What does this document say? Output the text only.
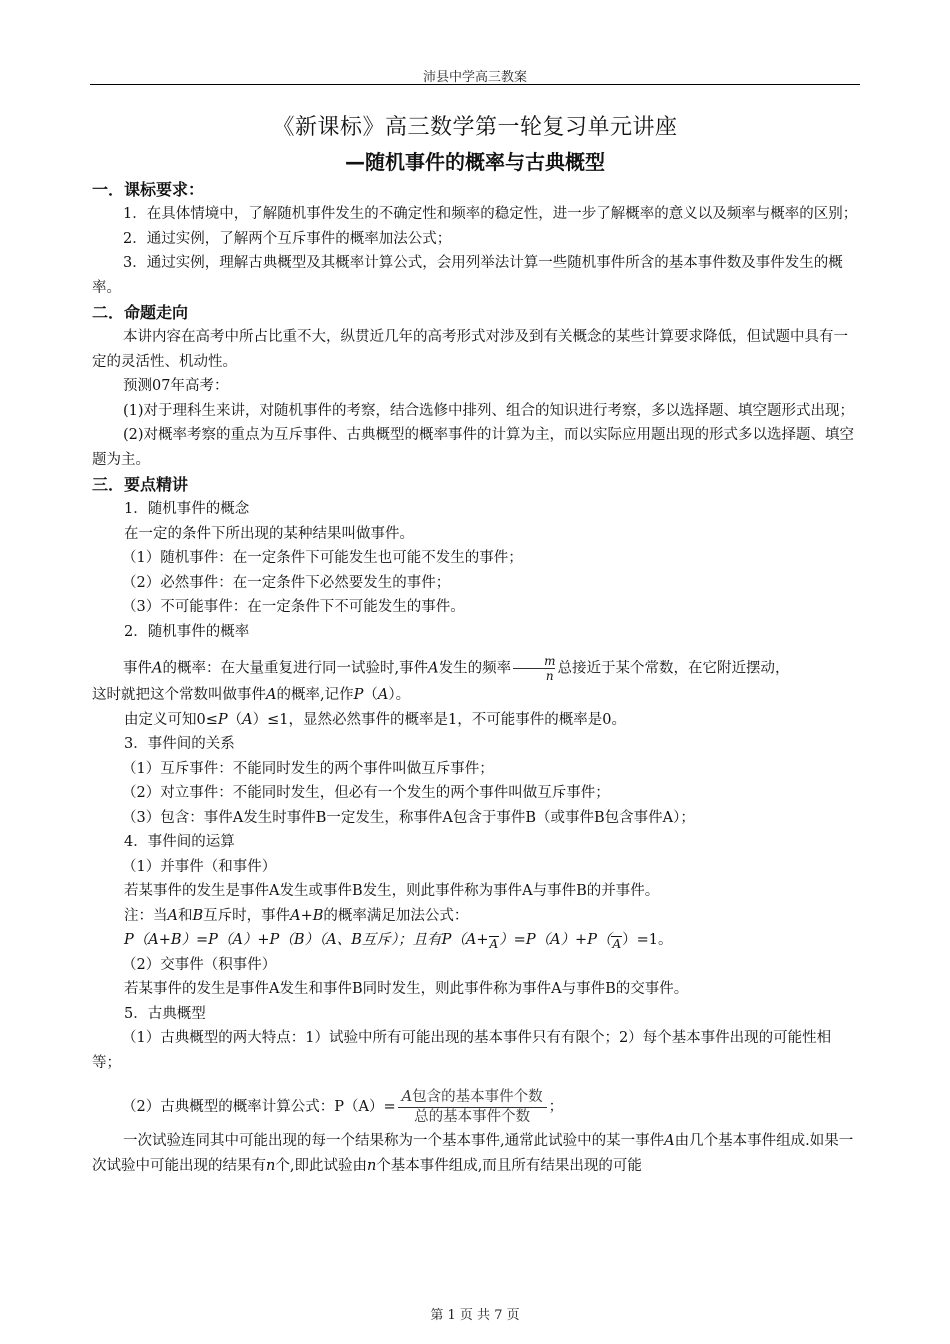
沛县中学高三教案
《新课标》高三数学第一轮复习单元讲座
—随机事件的概率与古典概型

一．课标要求：

1．在具体情境中，了解随机事件发生的不确定性和频率的稳定性，进一步了解概率的意义以及频率与概率的区别；

2．通过实例，了解两个互斥事件的概率加法公式；

3．通过实例，理解古典概型及其概率计算公式，会用列举法计算一些随机事件所含的基本事件数及事件发生的概率。

二．命题走向

本讲内容在高考中所占比重不大，纵贯近几年的高考形式对涉及到有关概念的某些计算要求降低，但试题中具有一定的灵活性、机动性。

预测07年高考：

(1)对于理科生来讲，对随机事件的考察，结合选修中排列、组合的知识进行考察，多以选择题、填空题形式出现；

(2)对概率考察的重点为互斥事件、古典概型的概率事件的计算为主，而以实际应用题出现的形式多以选择题、填空题为主。

三．要点精讲

1．随机事件的概念

在一定的条件下所出现的某种结果叫做事件。

（1）随机事件：在一定条件下可能发生也可能不发生的事件；

（2）必然事件：在一定条件下必然要发生的事件；

（3）不可能事件：在一定条件下不可能发生的事件。

2．随机事件的概率

事件A的概率：在大量重复进行同一试验时,事件A发生的频率 $\frac{m}{n}$ 总接近于某个常数，在它附近摆动，

这时就把这个常数叫做事件A的概率,记作P（A）。

由定义可知0≤P（A）≤1，显然必然事件的概率是1，不可能事件的概率是0。

3．事件间的关系

（1）互斥事件：不能同时发生的两个事件叫做互斥事件；

（2）对立事件：不能同时发生，但必有一个发生的两个事件叫做互斥事件；

（3）包含：事件A发生时事件B一定发生，称事件A包含于事件B（或事件B包含事件A）；

4．事件间的运算

（1）并事件（和事件）

若某事件的发生是事件A发生或事件B发生，则此事件称为事件A与事件B的并事件。

注：当A和B互斥时，事件A+B的概率满足加法公式：

P（A+B）=P（A）+P（B）（A、B互斥）；且有P（A+A）=P（A）+P（A）=1。

（2）交事件（积事件）

若某事件的发生是事件A发生和事件B同时发生，则此事件称为事件A与事件B的交事件。

5．古典概型

（1）古典概型的两大特点：1）试验中所有可能出现的基本事件只有有限个；2）每个基本事件出现的可能性相等；

（2）古典概型的概率计算公式：$P(A)= \frac{\text{A包含的基本事件个数}}{\text{总的基本事件个数}}$ ；

一次试验连同其中可能出现的每一个结果称为一个基本事件,通常此试验中的某一事件A由几个基本事件组成.如果一次试验中可能出现的结果有n个,即此试验由n个基本事件组成,而且所有结果出现的可能

第 1 页 共 7 页
